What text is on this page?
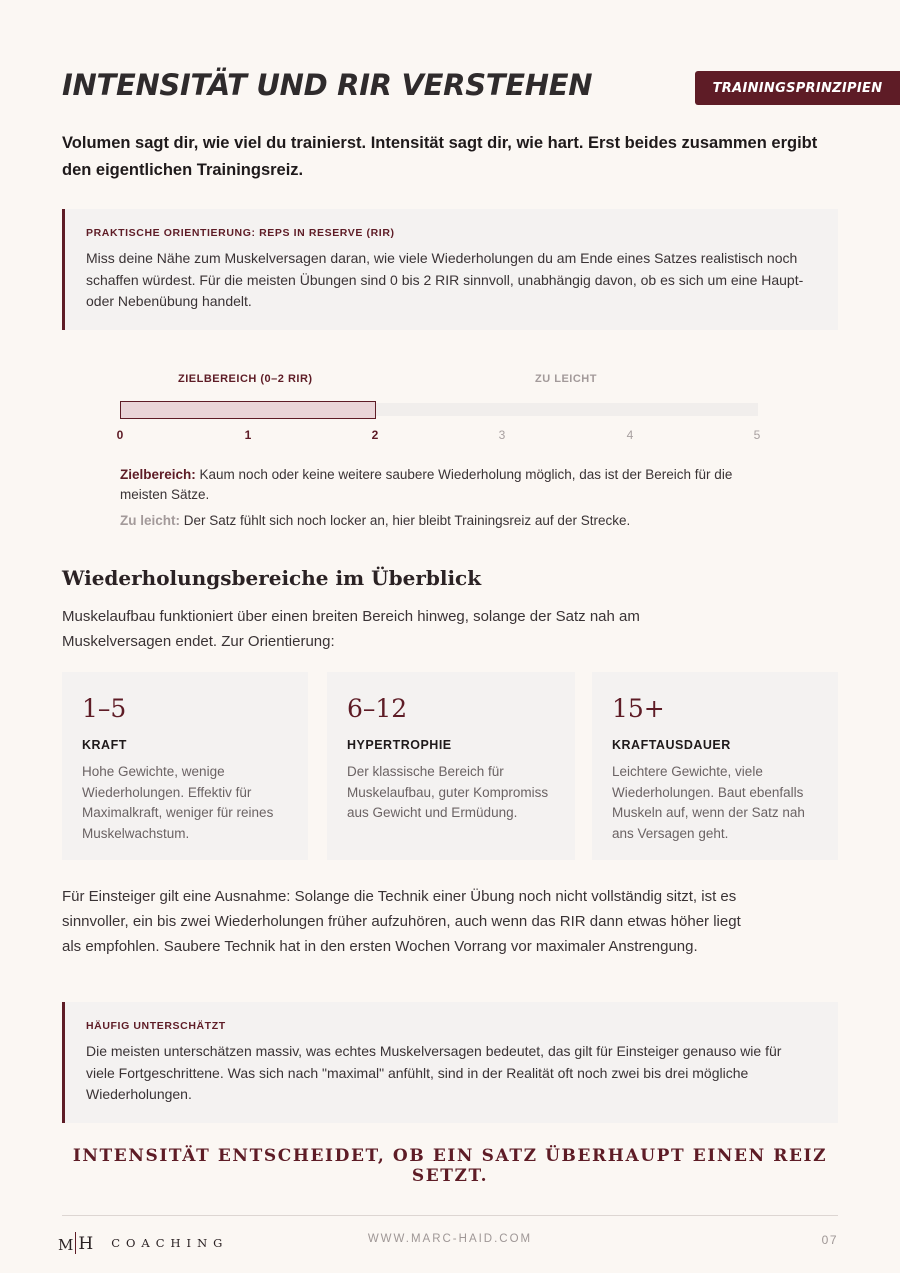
INTENSITÄT UND RIR VERSTEHEN	TRAININGSPRINZIPIEN

Volumen sagt dir, wie viel du trainierst. Intensität sagt dir, wie hart. Erst beides zusammen ergibt den eigentlichen Trainingsreiz.

PRAKTISCHE ORIENTIERUNG: REPS IN RESERVE (RIR)
Miss deine Nähe zum Muskelversagen daran, wie viele Wiederholungen du am Ende eines Satzes realistisch noch schaffen würdest. Für die meisten Übungen sind 0 bis 2 RIR sinnvoll, unabhängig davon, ob es sich um eine Haupt- oder Nebenübung handelt.
ZIELBEREICH (0–2 RIR)	ZU LEICHT
0	1	2	3	4	5

Zielbereich: Kaum noch oder keine weitere saubere Wiederholung möglich, das ist der Bereich für die meisten Sätze.

Zu leicht: Der Satz fühlt sich noch locker an, hier bleibt Trainingsreiz auf der Strecke.

Wiederholungsbereiche im Überblick

Muskelaufbau funktioniert über einen breiten Bereich hinweg, solange der Satz nah am Muskelversagen endet. Zur Orientierung:

1–5
KRAFT
Hohe Gewichte, wenige Wiederholungen. Effektiv für Maximalkraft, weniger für reines Muskelwachstum.
6–12
HYPERTROPHIE
Der klassische Bereich für Muskelaufbau, guter Kompromiss aus Gewicht und Ermüdung.
15+
KRAFTAUSDAUER
Leichtere Gewichte, viele Wiederholungen. Baut ebenfalls Muskeln auf, wenn der Satz nah ans Versagen geht.

Für Einsteiger gilt eine Ausnahme: Solange die Technik einer Übung noch nicht vollständig sitzt, ist es sinnvoller, ein bis zwei Wiederholungen früher aufzuhören, auch wenn das RIR dann etwas höher liegt als empfohlen. Saubere Technik hat in den ersten Wochen Vorrang vor maximaler Anstrengung.

HÄUFIG UNTERSCHÄTZT
Die meisten unterschätzen massiv, was echtes Muskelversagen bedeutet, das gilt für Einsteiger genauso wie für viele Fortgeschrittene. Was sich nach "maximal" anfühlt, sind in der Realität oft noch zwei bis drei mögliche Wiederholungen.
INTENSITÄT ENTSCHEIDET, OB EIN SATZ ÜBERHAUPT EINEN REIZ SETZT.
M H COACHING	WWW.MARC-HAID.COM	07
